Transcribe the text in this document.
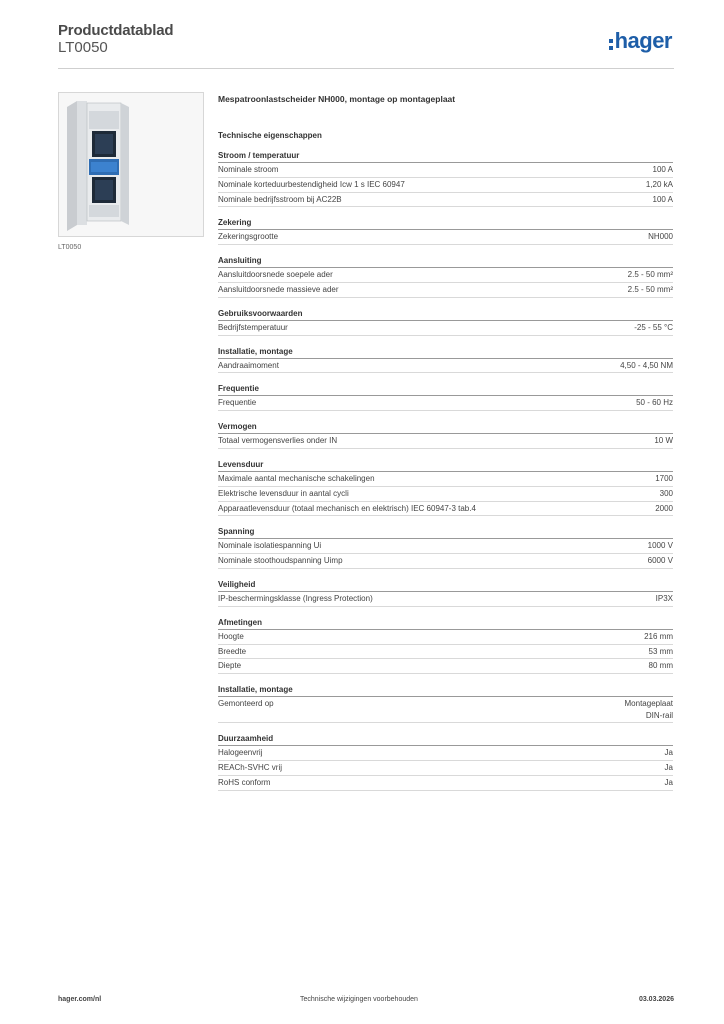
Productdatablad
LT0050	hager
LT0050
Mespatroonlastscheider NH000, montage op montageplaat
Technische eigenschappen
Stroom / temperatuur
Nominale stroom	100 A
Nominale korteduurbestendigheid Icw 1 s IEC 60947	1,20 kA
Nominale bedrijfsstroom bij AC22B	100 A
Zekering
Zekeringsgrootte	NH000
Aansluiting
Aansluitdoorsnede soepele ader	2.5 - 50 mm²
Aansluitdoorsnede massieve ader	2.5 - 50 mm²
Gebruiksvoorwaarden
Bedrijfstemperatuur	-25 - 55 °C
Installatie, montage
Aandraaimoment	4,50 - 4,50 NM
Frequentie
Frequentie	50 - 60 Hz
Vermogen
Totaal vermogensverlies onder IN	10 W
Levensduur
Maximale aantal mechanische schakelingen	1700
Elektrische levensduur in aantal cycli	300
Apparaatlevensduur (totaal mechanisch en elektrisch) IEC 60947-3 tab.4	2000
Spanning
Nominale isolatiespanning Ui	1000 V
Nominale stoothoudspanning Uimp	6000 V
Veiligheid
IP-beschermingsklasse (Ingress Protection)	IP3X
Afmetingen
Hoogte	216 mm
Breedte	53 mm
Diepte	80 mm
Installatie, montage
Gemonteerd op	Montageplaat
DIN-rail
Duurzaamheid
Halogeenvrij	Ja
REACh-SVHC vrij	Ja
RoHS conform	Ja
hager.com/nl	Technische wijzigingen voorbehouden	03.03.2026
